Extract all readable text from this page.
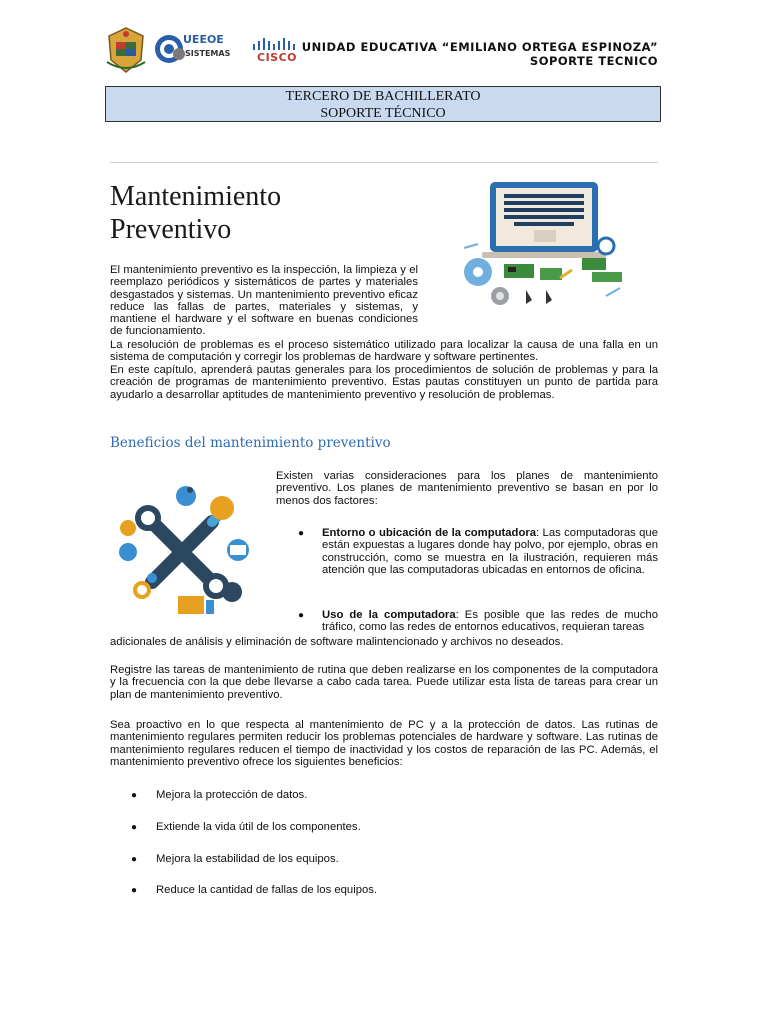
UEEOE
SISTEMAS CISCO
UNIDAD EDUCATIVA “EMILIANO ORTEGA ESPINOZA”
SOPORTE TECNICO
TERCERO DE BACHILLERATO
SOPORTE TÉCNICO
Mantenimiento
Preventivo
El mantenimiento preventivo es la inspección, la limpieza y el reemplazo periódicos y sistemáticos de partes y materiales desgastados y sistemas. Un mantenimiento preventivo eficaz reduce las fallas de partes, materiales y sistemas, y mantiene el hardware y el software en buenas condiciones de funcionamiento.
La resolución de problemas es el proceso sistemático utilizado para localizar la causa de una falla en un sistema de computación y corregir los problemas de hardware y software pertinentes.
En este capítulo, aprenderá pautas generales para los procedimientos de solución de problemas y para la creación de programas de mantenimiento preventivo. Estas pautas constituyen un punto de partida para ayudarlo a desarrollar aptitudes de mantenimiento preventivo y resolución de problemas.
Beneficios del mantenimiento preventivo
Existen varias consideraciones para los planes de mantenimiento preventivo. Los planes de mantenimiento preventivo se basan en por lo menos dos factores:
● Entorno o ubicación de la computadora: Las computadoras que están expuestas a lugares donde hay polvo, por ejemplo, obras en construcción, como se muestra en la ilustración, requieren más atención que las computadoras ubicadas en entornos de oficina.
● Uso de la computadora: Es posible que las redes de mucho tráfico, como las redes de entornos educativos, requieran tareas
adicionales de análisis y eliminación de software malintencionado y archivos no deseados.
Registre las tareas de mantenimiento de rutina que deben realizarse en los componentes de la computadora y la frecuencia con la que debe llevarse a cabo cada tarea. Puede utilizar esta lista de tareas para crear un plan de mantenimiento preventivo.
Sea proactivo en lo que respecta al mantenimiento de PC y a la protección de datos. Las rutinas de mantenimiento regulares permiten reducir los problemas potenciales de hardware y software. Las rutinas de mantenimiento regulares reducen el tiempo de inactividad y los costos de reparación de las PC. Además, el mantenimiento preventivo ofrece los siguientes beneficios:
● Mejora la protección de datos.
● Extiende la vida útil de los componentes.
● Mejora la estabilidad de los equipos.
● Reduce la cantidad de fallas de los equipos.
